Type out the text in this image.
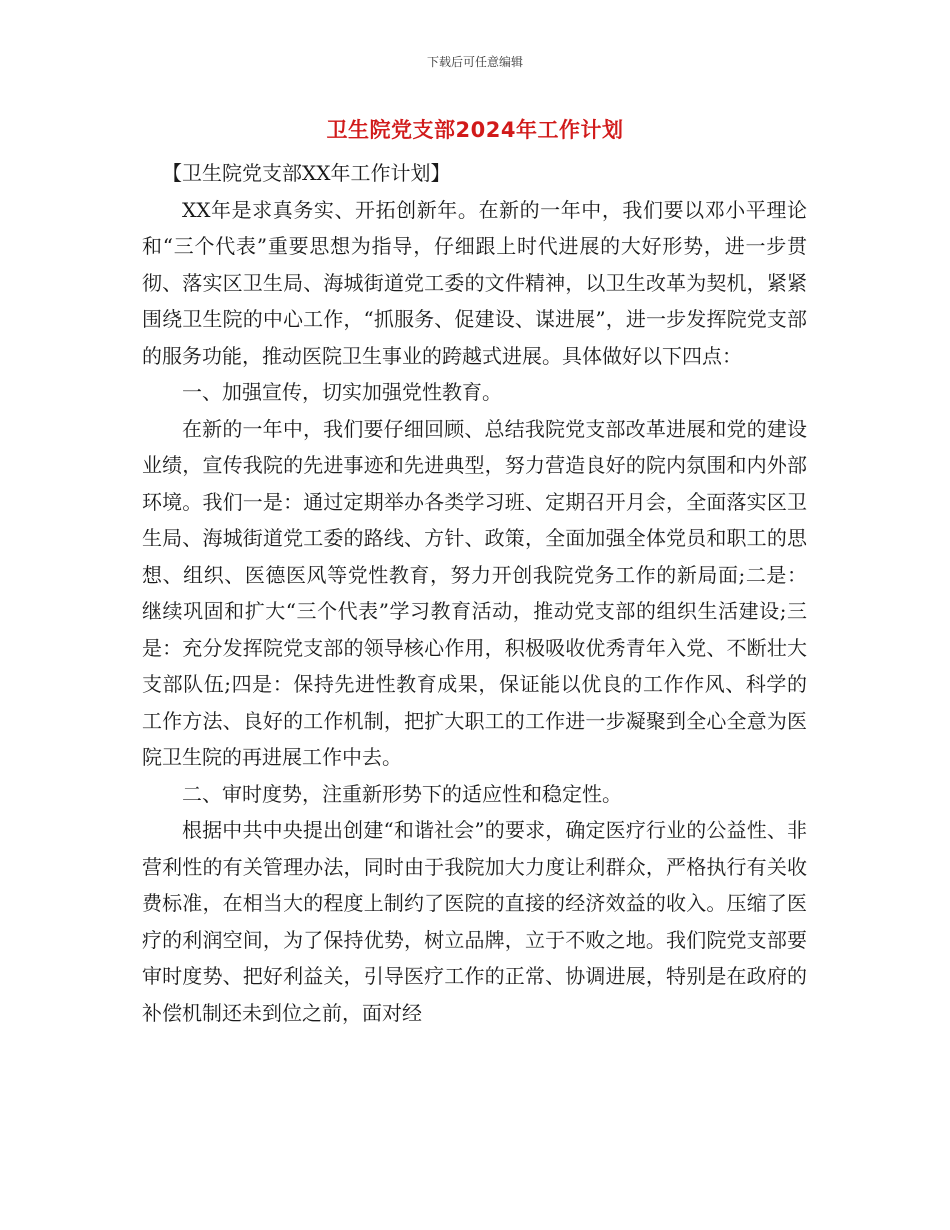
下载后可任意编辑
卫生院党支部2024年工作计划

【卫生院党支部XX年工作计划】

XX年是求真务实、开拓创新年。在新的一年中，我们要以邓小平理论和“三个代表”重要思想为指导，仔细跟上时代进展的大好形势，进一步贯彻、落实区卫生局、海城街道党工委的文件精神，以卫生改革为契机，紧紧围绕卫生院的中心工作，“抓服务、促建设、谋进展”，进一步发挥院党支部的服务功能，推动医院卫生事业的跨越式进展。具体做好以下四点：

一、加强宣传，切实加强党性教育。

在新的一年中，我们要仔细回顾、总结我院党支部改革进展和党的建设业绩，宣传我院的先进事迹和先进典型，努力营造良好的院内氛围和内外部环境。我们一是：通过定期举办各类学习班、定期召开月会，全面落实区卫生局、海城街道党工委的路线、方针、政策，全面加强全体党员和职工的思想、组织、医德医风等党性教育，努力开创我院党务工作的新局面;二是：继续巩固和扩大“三个代表”学习教育活动，推动党支部的组织生活建设;三是：充分发挥院党支部的领导核心作用，积极吸收优秀青年入党、不断壮大支部队伍;四是：保持先进性教育成果，保证能以优良的工作作风、科学的工作方法、良好的工作机制，把扩大职工的工作进一步凝聚到全心全意为医院卫生院的再进展工作中去。

二、审时度势，注重新形势下的适应性和稳定性。

根据中共中央提出创建“和谐社会”的要求，确定医疗行业的公益性、非营利性的有关管理办法，同时由于我院加大力度让利群众，严格执行有关收费标准，在相当大的程度上制约了医院的直接的经济效益的收入。压缩了医疗的利润空间，为了保持优势，树立品牌，立于不败之地。我们院党支部要审时度势、把好利益关，引导医疗工作的正常、协调进展，特别是在政府的补偿机制还未到位之前，面对经
